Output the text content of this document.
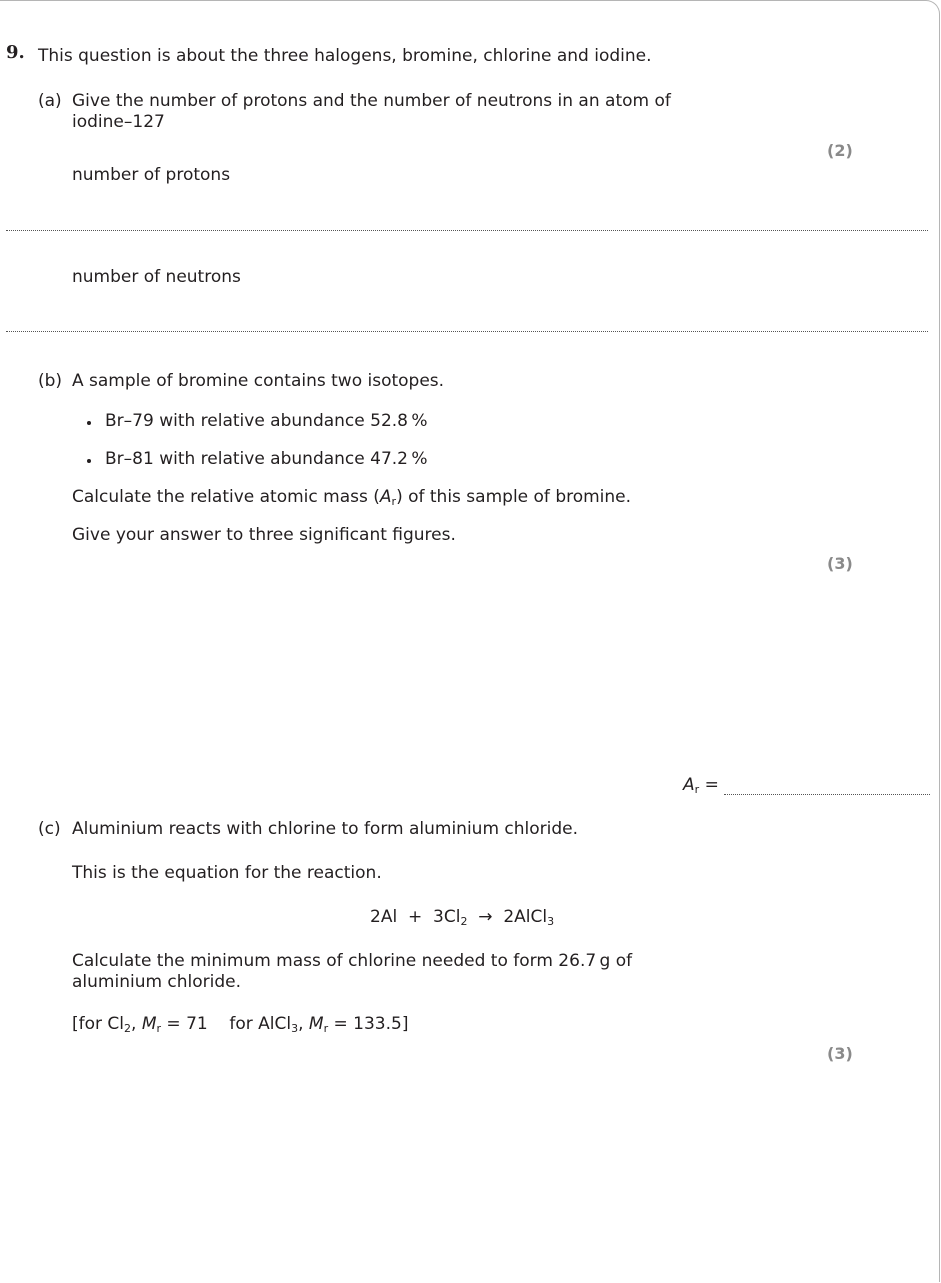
9. This question is about the three halogens, bromine, chlorine and iodine.
(a) Give the number of protons and the number of neutrons in an atom of
iodine–127
(2)
number of protons
number of neutrons
(b) A sample of bromine contains two isotopes.
Br–79 with relative abundance 52.8 %
Br–81 with relative abundance 47.2 %
Calculate the relative atomic mass $(A_r)$ of this sample of bromine.
Give your answer to three significant figures.
(3)
$A_r$ =
(c) Aluminium reacts with chlorine to form aluminium chloride.
This is the equation for the reaction.
$2Al + 3Cl_2$ → 2AlCl$_3$
Calculate the minimum mass of chlorine needed to form 26.7 g of
aluminium chloride.
[for $Cl_2$, $M_r = 71$ for AlCl$_3$, $M_r = 133.5$]
(3)
